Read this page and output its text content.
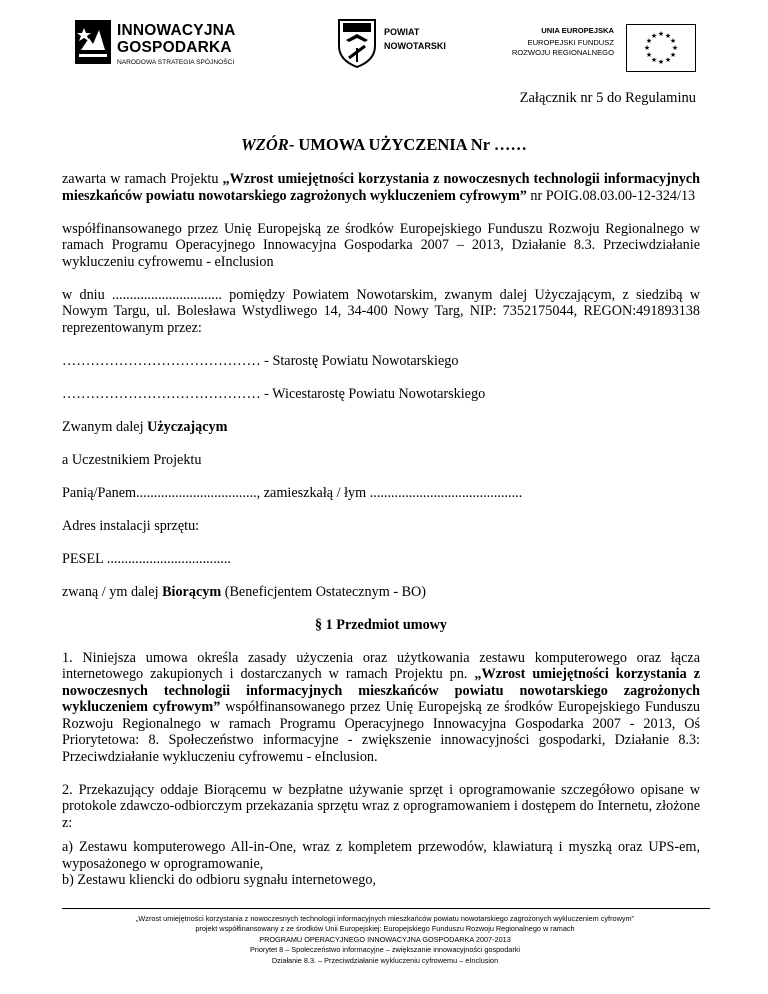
INNOWACYJNA
GOSPODARKA
NARODOWA STRATEGIA SPÓJNOŚCI
POWIAT
NOWOTARSKI
UNIA EUROPEJSKA
EUROPEJSKI FUNDUSZ
ROZWOJU REGIONALNEGO
★ ★
★
★
★
★
★
★
★
★
★
★
Załącznik nr 5 do Regulaminu
WZÓR- UMOWA UŻYCZENIA Nr ……

zawarta w ramach Projektu „Wzrost umiejętności korzystania z nowoczesnych technologii informacyjnych mieszkańców powiatu nowotarskiego zagrożonych wykluczeniem cyfrowym” nr POIG.08.03.00-12-324/13

współfinansowanego przez Unię Europejską ze środków Europejskiego Funduszu Rozwoju Regionalnego w ramach Programu Operacyjnego Innowacyjna Gospodarka 2007 – 2013, Działanie 8.3. Przeciwdziałanie wykluczeniu cyfrowemu - eInclusion

w dniu ............................... pomiędzy Powiatem Nowotarskim, zwanym dalej Użyczającym, z siedzibą w Nowym Targu, ul. Bolesława Wstydliwego 14, 34-400 Nowy Targ, NIP: 7352175044, REGON:491893138 reprezentowanym przez:

…………………………………… - Starostę Powiatu Nowotarskiego

…………………………………… - Wicestarostę Powiatu Nowotarskiego

Zwanym dalej Użyczającym

a Uczestnikiem Projektu

Panią/Panem.................................., zamieszkałą / łym ...........................................

Adres instalacji sprzętu:

PESEL ...................................

zwaną / ym dalej Biorącym (Beneficjentem Ostatecznym - BO)

§ 1 Przedmiot umowy

1. Niniejsza umowa określa zasady użyczenia oraz użytkowania zestawu komputerowego oraz łącza internetowego zakupionych i dostarczanych w ramach Projektu pn. „Wzrost umiejętności korzystania z nowoczesnych technologii informacyjnych mieszkańców powiatu nowotarskiego zagrożonych wykluczeniem cyfrowym” współfinansowanego przez Unię Europejską ze środków Europejskiego Funduszu Rozwoju Regionalnego w ramach Programu Operacyjnego Innowacyjna Gospodarka 2007 - 2013, Oś Priorytetowa: 8. Społeczeństwo informacyjne - zwiększenie innowacyjności gospodarki, Działanie 8.3: Przeciwdziałanie wykluczeniu cyfrowemu - eInclusion.

2. Przekazujący oddaje Biorącemu w bezpłatne używanie sprzęt i oprogramowanie szczegółowo opisane w protokole zdawczo-odbiorczym przekazania sprzętu wraz z oprogramowaniem i dostępem do Internetu, złożone z:

a) Zestawu komputerowego All-in-One, wraz z kompletem przewodów, klawiaturą i myszką oraz UPS-em, wyposażonego w oprogramowanie,

b) Zestawu kliencki do odbioru sygnału internetowego,

„Wzrost umiejętności korzystania z nowoczesnych technologii informacyjnych mieszkańców powiatu nowotarskiego zagrożonych wykluczeniem cyfrowym”
projekt współfinansowany z ze środków Unii Europejskiej: Europejskiego Funduszu Rozwoju Regionalnego w ramach
PROGRAMU OPERACYJNEGO INNOWACYJNA GOSPODARKA 2007-2013
Priorytet 8 – Społeczeństwo informacyjne – zwiększanie innowacyjności gospodarki
Działanie 8.3. – Przeciwdziałanie wykluczeniu cyfrowemu – eInclusion
